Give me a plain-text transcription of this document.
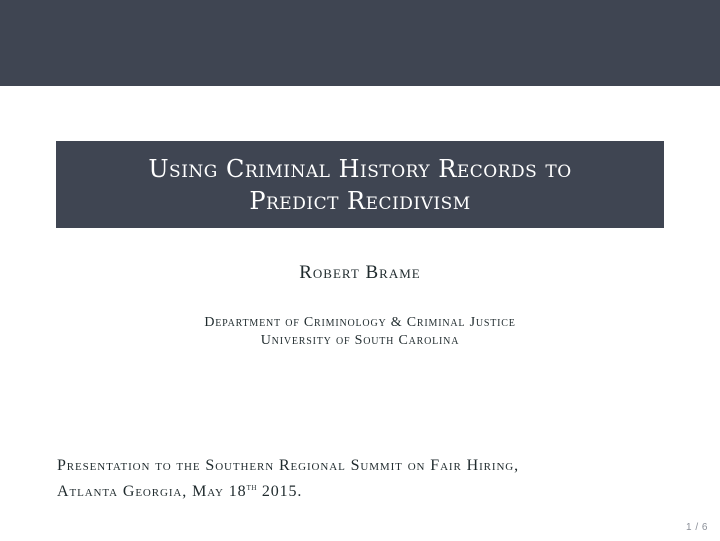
Using Criminal History Records to
Predict Recidivism
Robert Brame
Department of Criminology & Criminal Justice
University of South Carolina
Presentation to the Southern Regional Summit on Fair Hiring,
Atlanta Georgia, May 18th 2015.
1 / 6
